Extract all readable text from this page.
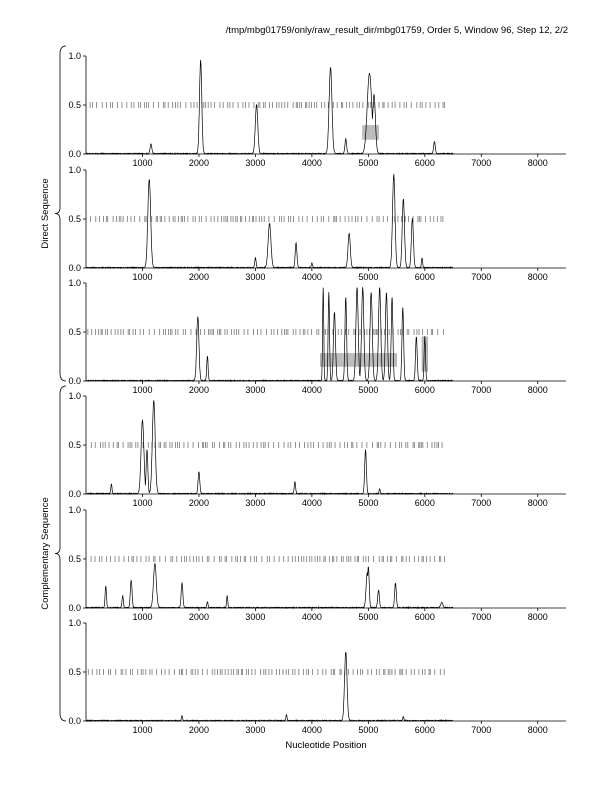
/tmp/mbg01759/only/raw_result_dir/mbg01759, Order 5, Window 96, Step 12, 2/2
0.0
0.5
1.0
1000	2000	3000	4000	5000	6000	7000	8000
0.0
0.5
1.0
1000	2000	3000	4000	5000	6000	7000	8000
0.0
0.5
1.0
1000	2000	3000	4000	5000	6000	7000	8000
0.0
0.5
1.0
1000	2000	3000	4000	5000	6000	7000	8000
0.0
0.5
1.0
1000	2000	3000	4000	5000	6000	7000	8000
0.0
0.5
1.0
1000	2000	3000	4000	5000	6000	7000	8000
Direct Sequence
Complementary Sequence
Nucleotide Position
